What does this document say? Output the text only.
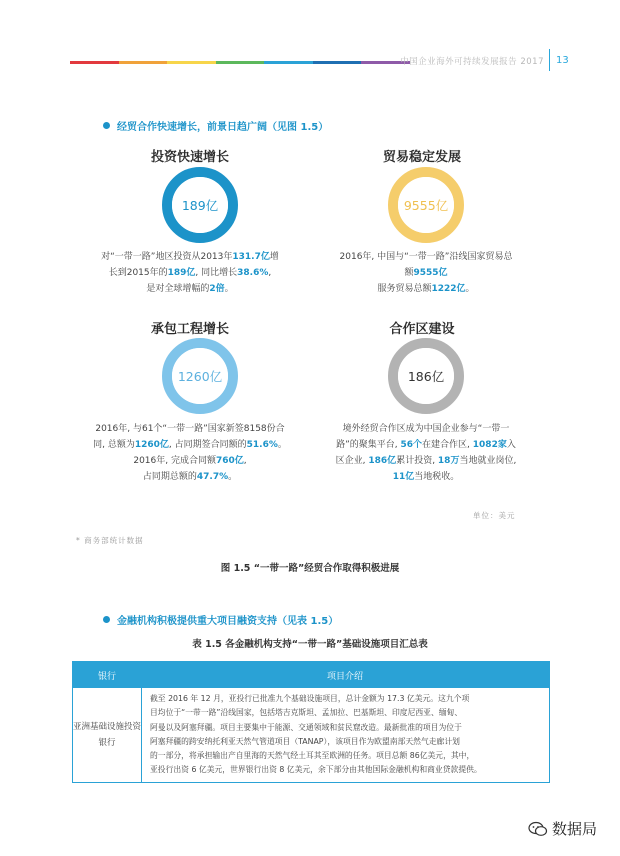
中国企业海外可持续发展报告 2017 13
经贸合作快速增长，前景日趋广阔（见图 1.5）
投资快速增长
189亿
对“一带一路”地区投资从2013年131.7亿增
长到2015年的189亿, 同比增长38.6%,
是对全球增幅的2倍。
贸易稳定发展
9555亿
2016年, 中国与“一带一路”沿线国家贸易总
额9555亿
服务贸易总额1222亿。
承包工程增长
1260亿
2016年, 与61个“一带一路”国家新签8158份合
同, 总额为1260亿, 占同期签合同额的51.6%。
2016年, 完成合同额760亿,
占同期总额的47.7%。
合作区建设
186亿
境外经贸合作区成为中国企业参与“一带一
路”的聚集平台, 56个在建合作区, 1082家入
区企业, 186亿累计投资, 18万当地就业岗位,
11亿当地税收。
单位：美元
* 商务部统计数据
图 1.5 “一带一路”经贸合作取得积极进展
金融机构积极提供重大项目融资支持（见表 1.5）
表 1.5 各金融机构支持“一带一路”基础设施项目汇总表
银行	项目介绍
亚洲基础设施投资银行
截至 2016 年 12 月，亚投行已批准九个基础设施项目，总计金额为 17.3 亿美元。这九个项
目均位于“一带一路”沿线国家，包括塔吉克斯坦、孟加拉、巴基斯坦、印度尼西亚、缅甸、
阿曼以及阿塞拜疆。项目主要集中于能源、交通领域和贫民窟改造。最新批准的项目为位于
阿塞拜疆的跨安纳托利亚天然气管道项目（TANAP），该项目作为欧盟南部天然气走廊计划
的一部分，将承担输出产自里海的天然气经土耳其至欧洲的任务。项目总额 86亿美元，其中，
亚投行出资 6 亿美元，世界银行出资 8 亿美元，余下部分由其他国际金融机构和商业贷款提供。
数据局
